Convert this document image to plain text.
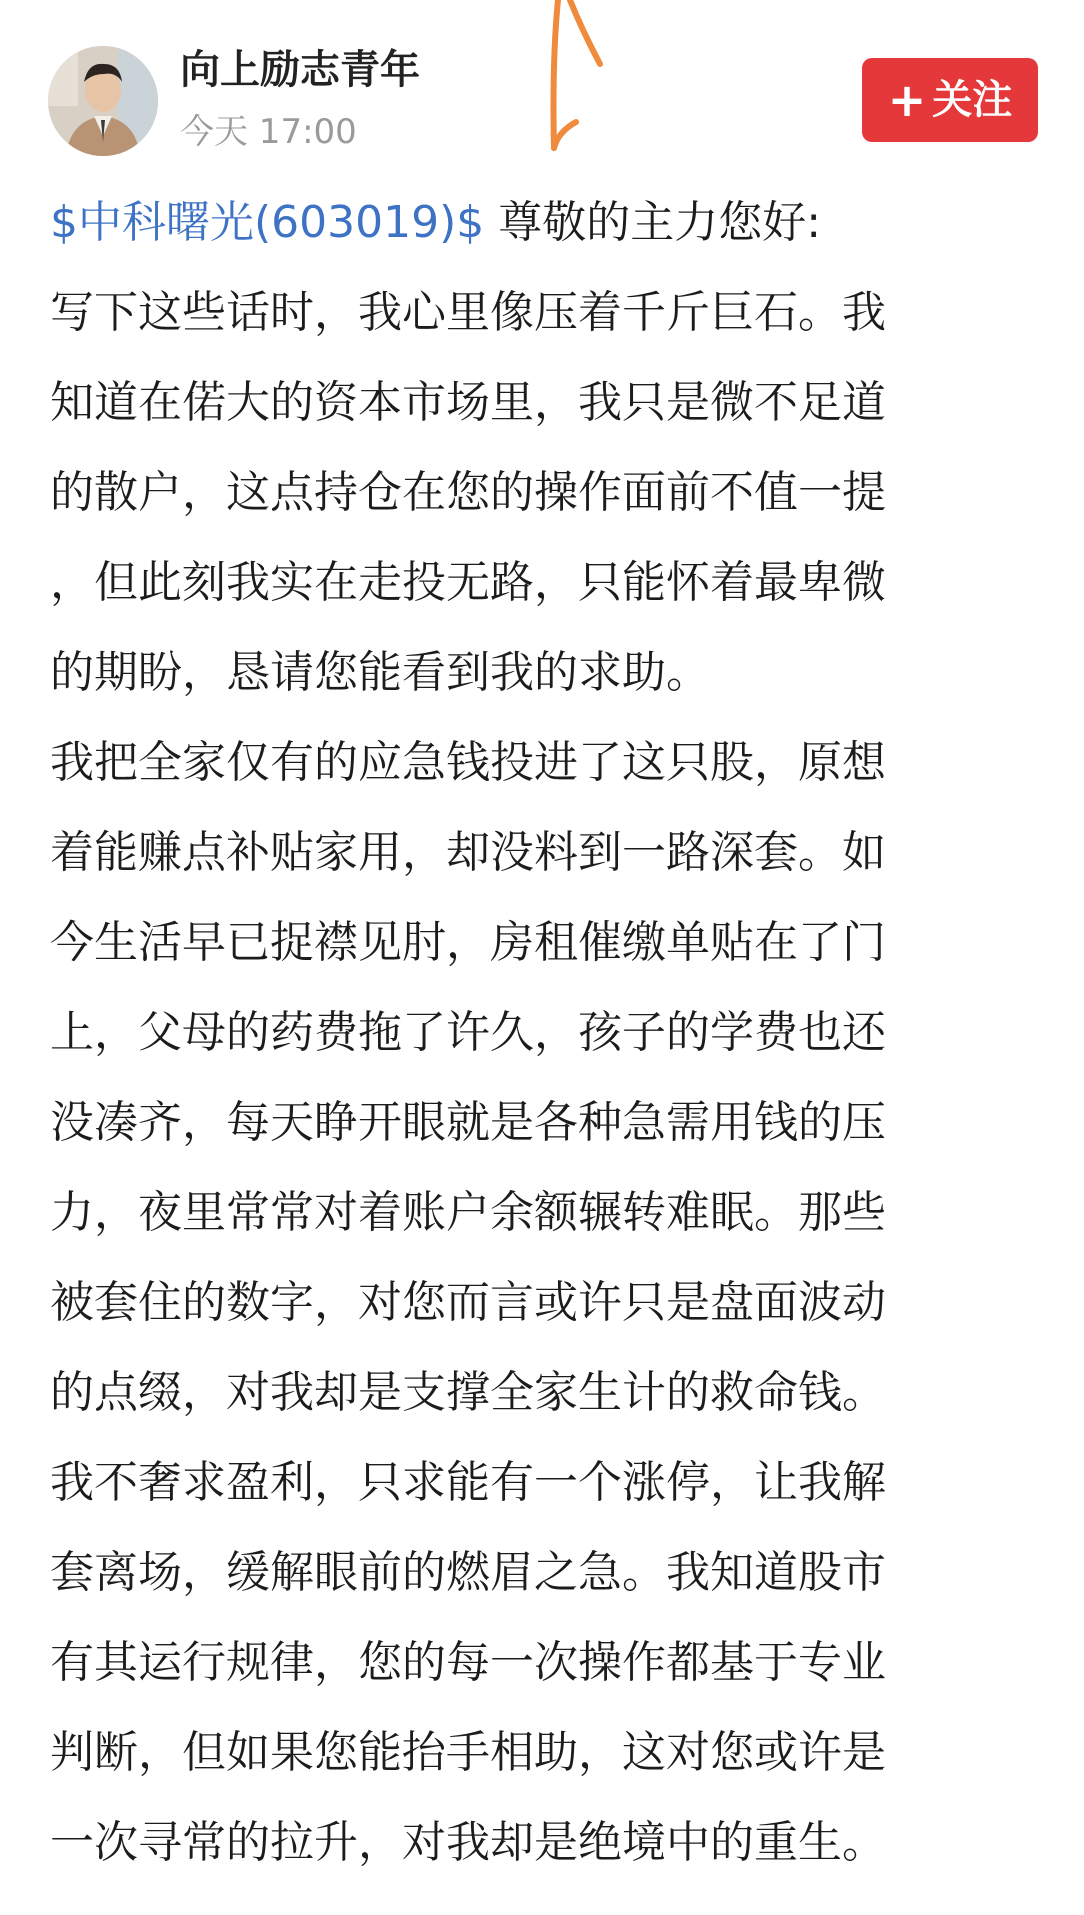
向上励志青年
今天 17:00
+ 关注
$中科曙光(603019)$ 尊敬的主力您好:
写下这些话时，我心里像压着千斤巨石。我
知道在偌大的资本市场里，我只是微不足道
的散户，这点持仓在您的操作面前不值一提
，但此刻我实在走投无路，只能怀着最卑微
的期盼，恳请您能看到我的求助。
我把全家仅有的应急钱投进了这只股，原想
着能赚点补贴家用，却没料到一路深套。如
今生活早已捉襟见肘，房租催缴单贴在了门
上，父母的药费拖了许久，孩子的学费也还
没凑齐，每天睁开眼就是各种急需用钱的压
力，夜里常常对着账户余额辗转难眠。那些
被套住的数字，对您而言或许只是盘面波动
的点缀，对我却是支撑全家生计的救命钱。
我不奢求盈利，只求能有一个涨停，让我解
套离场，缓解眼前的燃眉之急。我知道股市
有其运行规律，您的每一次操作都基于专业
判断，但如果您能抬手相助，这对您或许是
一次寻常的拉升，对我却是绝境中的重生。
